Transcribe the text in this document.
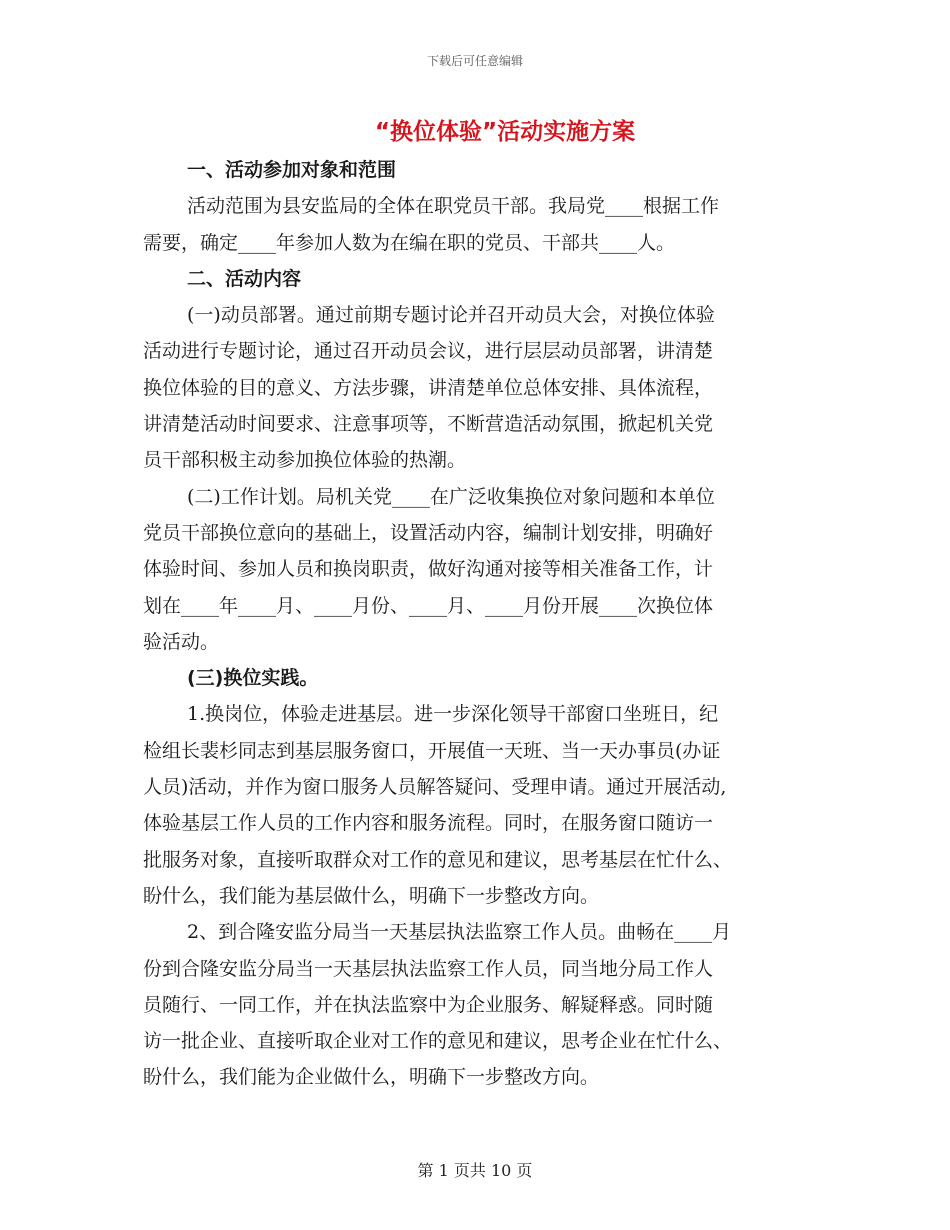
下载后可任意编辑
“换位体验”活动实施方案

一、活动参加对象和范围

活动范围为县安监局的全体在职党员干部。我局党____根据工作
需要，确定____年参加人数为在编在职的党员、干部共____人。

二、活动内容

(一)动员部署。通过前期专题讨论并召开动员大会，对换位体验
活动进行专题讨论，通过召开动员会议，进行层层动员部署，讲清楚
换位体验的目的意义、方法步骤，讲清楚单位总体安排、具体流程，
讲清楚活动时间要求、注意事项等，不断营造活动氛围，掀起机关党
员干部积极主动参加换位体验的热潮。

(二)工作计划。局机关党____在广泛收集换位对象问题和本单位
党员干部换位意向的基础上，设置活动内容，编制计划安排，明确好
体验时间、参加人员和换岗职责，做好沟通对接等相关准备工作，计
划在____年____月、____月份、____月、____月份开展____次换位体
验活动。

(三)换位实践。

1.换岗位，体验走进基层。进一步深化领导干部窗口坐班日，纪
检组长裴杉同志到基层服务窗口，开展值一天班、当一天办事员(办证
人员)活动，并作为窗口服务人员解答疑问、受理申请。通过开展活动,
体验基层工作人员的工作内容和服务流程。同时，在服务窗口随访一
批服务对象，直接听取群众对工作的意见和建议，思考基层在忙什么、
盼什么，我们能为基层做什么，明确下一步整改方向。

2、到合隆安监分局当一天基层执法监察工作人员。曲畅在____月
份到合隆安监分局当一天基层执法监察工作人员，同当地分局工作人
员随行、一同工作，并在执法监察中为企业服务、解疑释惑。同时随
访一批企业、直接听取企业对工作的意见和建议，思考企业在忙什么、
盼什么，我们能为企业做什么，明确下一步整改方向。

第 1 页共 10 页
